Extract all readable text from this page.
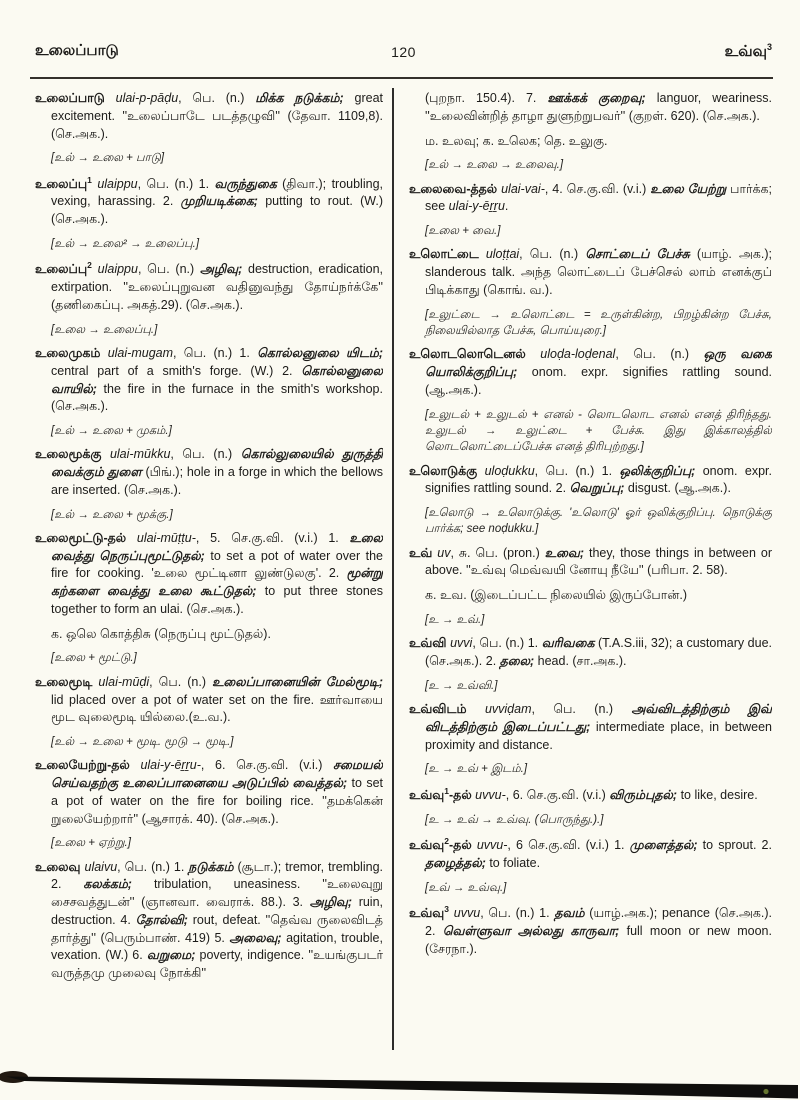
உலைப்பாடு	120	உவ்வு$^3$

உலைப்பாடு ulai-p-pāḍu, பெ. (n.) மிக்க நடுக்கம்; great excitement. ''உலைப்பாடே படத்தழுவி'' (தேவா. 1109,8). (செ.அக.).

[உல் → உலை + பாடு]

உலைப்பு$^1$ ulaippu, பெ. (n.) 1. வருந்துகை (திவா.); troubling, vexing, harassing. 2. முறியடிக்கை; putting to rout. (W.) (செ.அக.).

[உல் → உலை² → உலைப்பு.]

உலைப்பு$^2$ ulaippu, பெ. (n.) அழிவு; destruction, eradication, extirpation. ''உலைப்புறுவன வதினுவந்து தோய்நர்க்கே'' (தணிகைப்பு. அகத்.29). (செ.அக.).

[உலை → உலைப்பு.]

உலைமுகம் ulai-mugam, பெ. (n.) 1. கொல்லனுலை யிடம்; central part of a smith's forge. (W.) 2. கொல்லனுலை வாயில்; the fire in the furnace in the smith's workshop. (செ.அக.).

[உல் → உலை + முகம்.]

உலைமூக்கு ulai-mūkku, பெ. (n.) கொல்லுலையில் துருத்தி வைக்கும் துளை (பிங்.); hole in a forge in which the bellows are inserted. (செ.அக.).

[உல் → உலை + மூக்கு.]

உலைமூட்டு-தல் ulai-mūṭṭu-, 5. செ.கு.வி. (v.i.) 1. உலை வைத்து நெருப்புமூட்டுதல்; to set a pot of water over the fire for cooking. 'உலை மூட்டினா லுண்டுலகு'. 2. மூன்று கற்களை வைத்து உலை கூட்டுதல்; to put three stones together to form an ulai. (செ.அக.).

க. ஒலெ கொத்திசு (நெருப்பு மூட்டுதல்).

[உலை + மூட்டு.]

உலைமூடி ulai-mūḍi, பெ. (n.) உலைப்பானையின் மேல்மூடி; lid placed over a pot of water set on the fire. ஊர்வாயை மூட வுலைமூடி யில்லை.(உ.வ.).

[உல் → உலை + மூடி. மூடு → மூடி.]

உலையேற்று-தல் ulai-y-ēṟṟu-, 6. செ.கு.வி. (v.i.) சமையல் செய்வதற்கு உலைப்பானையை அடுப்பில் வைத்தல்; to set a pot of water on the fire for boiling rice. ''தமக்கென் றுலையேற்றார்'' (ஆசாரக். 40). (செ.அக.).

[உலை + ஏற்று.]

உலைவு ulaivu, பெ. (n.) 1. நடுக்கம் (சூடா.); tremor, trembling. 2. கலக்கம்; tribulation, uneasiness. ''உலைவுறு சைசவத்துடன்'' (ஞானவா. வைராக். 88.). 3. அழிவு; ruin, destruction. 4. தோல்வி; rout, defeat. ''தெவ்வ ருலைவிடத் தார்த்து'' (பெரும்பாண். 419) 5. அலைவு; agitation, trouble, vexation. (W.) 6. வறுமை; poverty, indigence. ''உயங்குபடர் வருத்தமு முலைவு நோக்கி''

(புறநா. 150.4). 7. ஊக்கக் குறைவு; languor, weariness. ''உலைவின்றித் தாழா துளுற்றுபவர்'' (குறள். 620). (செ.அக.).

ம. உலவு; க. உலெக; தெ. உலுகு.

[உல் → உலை → உலைவு.]

உலைவை-த்தல் ulai-vai-, 4. செ.கு.வி. (v.i.) உலை யேற்று பார்க்க; see ulai-y-ēṟṟu.

[உலை + வை.]

உலொட்டை uloṭṭai, பெ. (n.) சொட்டைப் பேச்சு (யாழ். அக.); slanderous talk. அந்த லொட்டைப் பேச்செல் லாம் எனக்குப் பிடிக்காது (கொங். வ.).

[உலுட்டை → உலொட்டை = உருள்கின்ற, பிறழ்கின்ற பேச்சு, நிலையில்லாத பேச்சு, பொய்யுரை.]

உலொடலொடெனல் uloḍa-loḍenal, பெ. (n.) ஒரு வகை யொலிக்குறிப்பு; onom. expr. signifies rattling sound. (ஆ.அக.).

[உலுடல் + உலுடல் + எனல் - லொடலொட எனல் எனத் திரிந்தது. உலுடல் → உலுட்டை + பேச்சு. இது இக்காலத்தில் லொடலொட்டைப்பேச்சு எனத் திரிபுற்றது.]

உலொடுக்கு uloḍukku, பெ. (n.) 1. ஒலிக்குறிப்பு; onom. expr. signifies rattling sound. 2. வெறுப்பு; disgust. (ஆ.அக.).

[உலொடு → உலொடுக்கு. 'உலொடு' ஓர் ஒலிக்குறிப்பு. நொடுக்கு பார்க்க; see noḍukku.]

உவ் uv, சு. பெ. (pron.) உவை; they, those things in between or above. ''உவ்வு மெவ்வயி னோயு நீயே'' (பரிபா. 2. 58).

க. உவ. (இடைப்பட்ட நிலையில் இருப்போன்.)

[உ → உவ்.]

உவ்வி uvvi, பெ. (n.) 1. வரிவகை (T.A.S.iii, 32); a customary due. (செ.அக.). 2. தலை; head. (சா.அக.).

[உ → உவ்வி.]

உவ்விடம் uvviḍam, பெ. (n.) அவ்விடத்திற்கும் இவ் விடத்திற்கும் இடைப்பட்டது; intermediate place, in between proximity and distance.

[உ → உவ் + இடம்.]

உவ்வு$^1$-தல் uvvu-, 6. செ.கு.வி. (v.i.) விரும்புதல்; to like, desire.

[உ → உவ் → உவ்வு. (பொருந்து.).]

உவ்வு$^2$-தல் uvvu-, 6 செ.கு.வி. (v.i.) 1. முளைத்தல்; to sprout. 2. தழைத்தல்; to foliate.

[உவ் → உவ்வு.]

உவ்வு$^3$ uvvu, பெ. (n.) 1. தவம் (யாழ்.அக.); penance (செ.அக.). 2. வெள்ளுவா அல்லது காருவா; full moon or new moon. (சேரநா.).
